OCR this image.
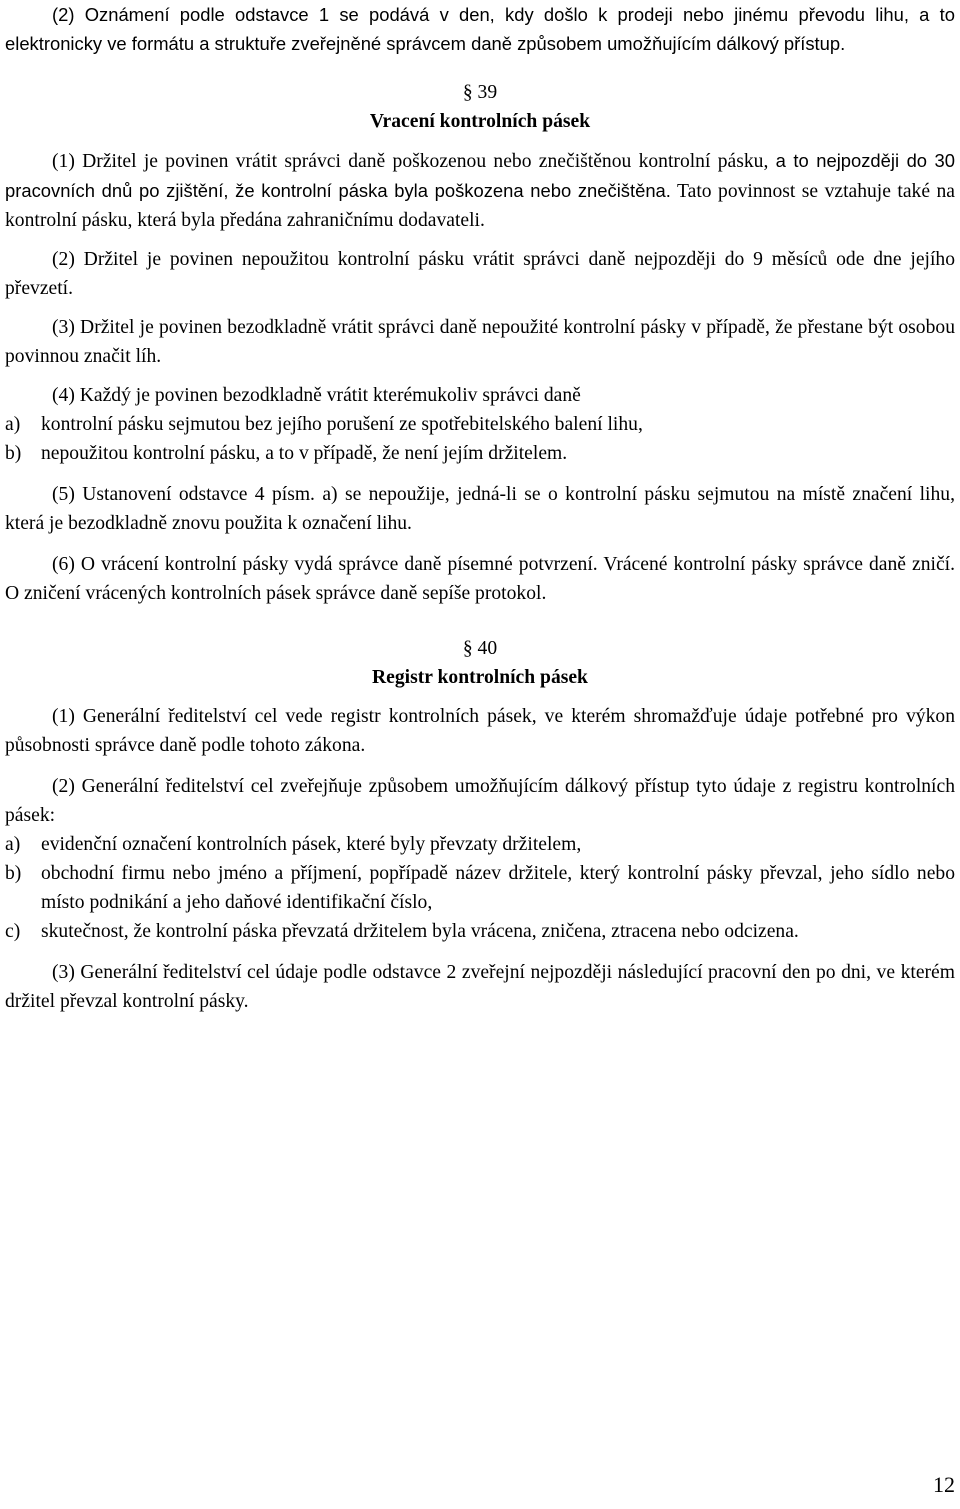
(2) Oznámení podle odstavce 1 se podává v den, kdy došlo k prodeji nebo jinému převodu lihu, a to elektronicky ve formátu a struktuře zveřejněné správcem daně způsobem umožňujícím dálkový přístup.

§ 39

Vracení kontrolních pásek

(1) Držitel je povinen vrátit správci daně poškozenou nebo znečištěnou kontrolní pásku, a to nejpozději do 30 pracovních dnů po zjištění, že kontrolní páska byla poškozena nebo znečištěna. Tato povinnost se vztahuje také na kontrolní pásku, která byla předána zahraničnímu dodavateli.

(2) Držitel je povinen nepoužitou kontrolní pásku vrátit správci daně nejpozději do 9 měsíců ode dne jejího převzetí.

(3) Držitel je povinen bezodkladně vrátit správci daně nepoužité kontrolní pásky v případě, že přestane být osobou povinnou značit líh.

(4) Každý je povinen bezodkladně vrátit kterémukoliv správci daně

a)	kontrolní pásku sejmutou bez jejího porušení ze spotřebitelského balení lihu,
b)	nepoužitou kontrolní pásku, a to v případě, že není jejím držitelem.

(5) Ustanovení odstavce 4 písm. a) se nepoužije, jedná-li se o kontrolní pásku sejmutou na místě značení lihu, která je bezodkladně znovu použita k označení lihu.

(6) O vrácení kontrolní pásky vydá správce daně písemné potvrzení. Vrácené kontrolní pásky správce daně zničí. O zničení vrácených kontrolních pásek správce daně sepíše protokol.

§ 40

Registr kontrolních pásek

(1) Generální ředitelství cel vede registr kontrolních pásek, ve kterém shromažďuje údaje potřebné pro výkon působnosti správce daně podle tohoto zákona.

(2) Generální ředitelství cel zveřejňuje způsobem umožňujícím dálkový přístup tyto údaje z registru kontrolních pásek:

a)	evidenční označení kontrolních pásek, které byly převzaty držitelem,
b)	obchodní firmu nebo jméno a příjmení, popřípadě název držitele, který kontrolní pásky převzal, jeho sídlo nebo místo podnikání a jeho daňové identifikační číslo,
c)	skutečnost, že kontrolní páska převzatá držitelem byla vrácena, zničena, ztracena nebo odcizena.

(3) Generální ředitelství cel údaje podle odstavce 2 zveřejní nejpozději následující pracovní den po dni, ve kterém držitel převzal kontrolní pásky.

12
